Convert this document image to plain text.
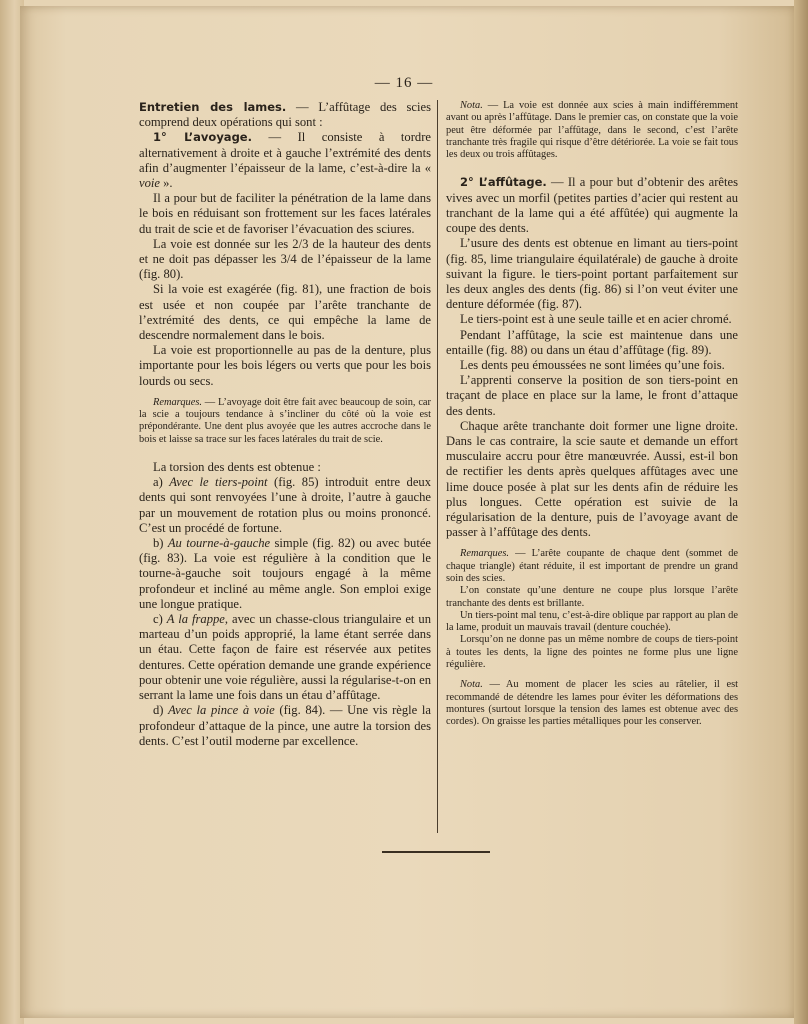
— 16 —

Entretien des lames. — L’affûtage des scies comprend deux opérations qui sont :

1° L’avoyage. — Il consiste à tordre alternativement à droite et à gauche l’extrémité des dents afin d’augmenter l’épaisseur de la lame, c’est-à-dire la « voie ».

Il a pour but de faciliter la pénétration de la lame dans le bois en réduisant son frottement sur les faces latérales du trait de scie et de favoriser l’évacuation des sciures.

La voie est donnée sur les 2/3 de la hauteur des dents et ne doit pas dépasser les 3/4 de l’épaisseur de la lame (fig. 80).

Si la voie est exagérée (fig. 81), une fraction de bois est usée et non coupée par l’arête tranchante de l’extrémité des dents, ce qui empêche la lame de descendre normalement dans le bois.

La voie est proportionnelle au pas de la denture, plus importante pour les bois légers ou verts que pour les bois lourds ou secs.

Remarques. — L’avoyage doit être fait avec beaucoup de soin, car la scie a toujours tendance à s’incliner du côté où la voie est prépondérante. Une dent plus avoyée que les autres accroche dans le bois et laisse sa trace sur les faces latérales du trait de scie.

La torsion des dents est obtenue :

a) Avec le tiers-point (fig. 85) introduit entre deux dents qui sont renvoyées l’une à droite, l’autre à gauche par un mouvement de rotation plus ou moins prononcé. C’est un procédé de fortune.

b) Au tourne-à-gauche simple (fig. 82) ou avec butée (fig. 83). La voie est régulière à la condition que le tourne-à-gauche soit toujours engagé à la même profondeur et incliné au même angle. Son emploi exige une longue pratique.

c) A la frappe, avec un chasse-clous triangulaire et un marteau d’un poids approprié, la lame étant serrée dans un étau. Cette façon de faire est réservée aux petites dentures. Cette opération demande une grande expérience pour obtenir une voie régulière, aussi la régularise-t-on en serrant la lame une fois dans un étau d’affûtage.

d) Avec la pince à voie (fig. 84). — Une vis règle la profondeur d’attaque de la pince, une autre la torsion des dents. C’est l’outil moderne par excellence.

Nota. — La voie est donnée aux scies à main indifféremment avant ou après l’affûtage. Dans le premier cas, on constate que la voie peut être déformée par l’affûtage, dans le second, c’est l’arête tranchante très fragile qui risque d’être détériorée. La voie se fait tous les deux ou trois affûtages.

2° L’affûtage. — Il a pour but d’obtenir des arêtes vives avec un morfil (petites parties d’acier qui restent au tranchant de la lame qui a été affûtée) qui augmente la coupe des dents.

L’usure des dents est obtenue en limant au tiers-point (fig. 85, lime triangulaire équilatérale) de gauche à droite suivant la figure. le tiers-point portant parfaitement sur les deux angles des dents (fig. 86) si l’on veut éviter une denture déformée (fig. 87).

Le tiers-point est à une seule taille et en acier chromé.

Pendant l’affûtage, la scie est maintenue dans une entaille (fig. 88) ou dans un étau d’affûtage (fig. 89).

Les dents peu émoussées ne sont limées qu’une fois.

L’apprenti conserve la position de son tiers-point en traçant de place en place sur la lame, le front d’attaque des dents.

Chaque arête tranchante doit former une ligne droite. Dans le cas contraire, la scie saute et demande un effort musculaire accru pour être manœuvrée. Aussi, est-il bon de rectifier les dents après quelques affûtages avec une lime douce posée à plat sur les dents afin de réduire les plus longues. Cette opération est suivie de la régularisation de la denture, puis de l’avoyage avant de passer à l’affûtage des dents.

Remarques. — L’arête coupante de chaque dent (sommet de chaque triangle) étant réduite, il est important de prendre un grand soin des scies.

L’on constate qu’une denture ne coupe plus lorsque l’arête tranchante des dents est brillante.

Un tiers-point mal tenu, c’est-à-dire oblique par rapport au plan de la lame, produit un mauvais travail (denture couchée).

Lorsqu’on ne donne pas un même nombre de coups de tiers-point à toutes les dents, la ligne des pointes ne forme plus une ligne régulière.

Nota. — Au moment de placer les scies au râtelier, il est recommandé de détendre les lames pour éviter les déformations des montures (surtout lorsque la tension des lames est obtenue avec des cordes). On graisse les parties métalliques pour les conserver.
